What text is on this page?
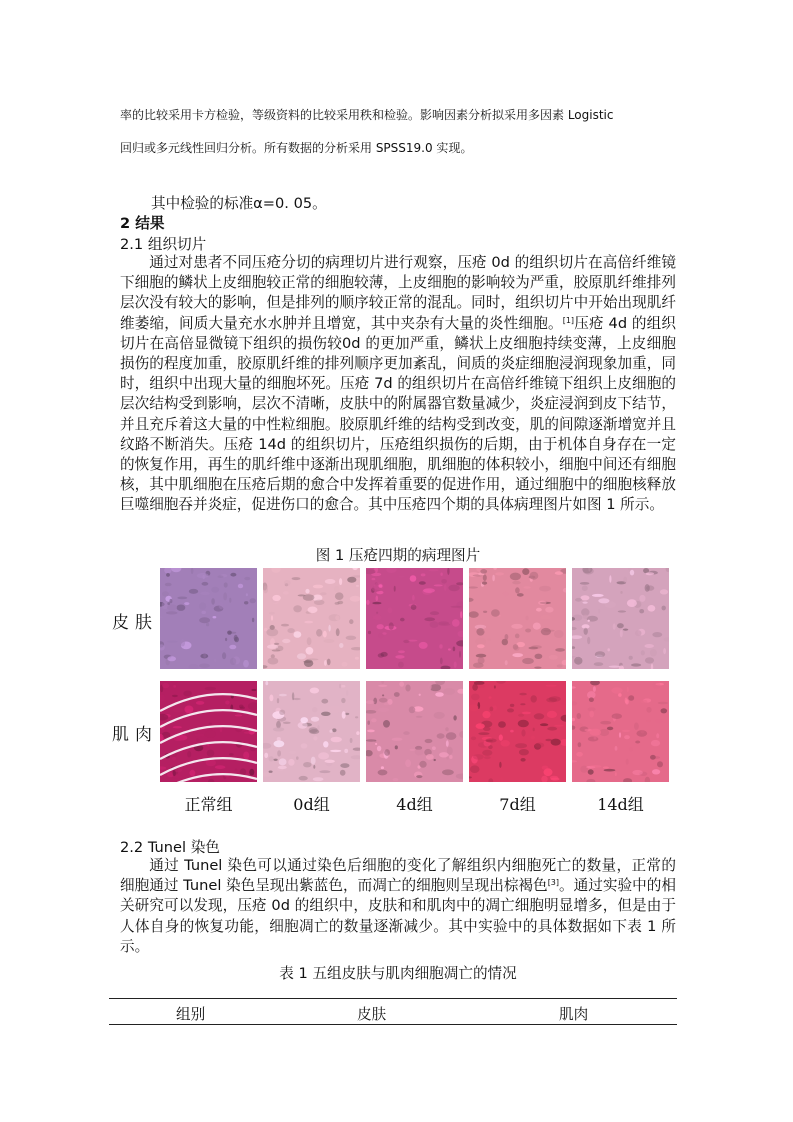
率的比较采用卡方检验，等级资料的比较采用秩和检验。影响因素分析拟采用多因素 Logistic
回归或多元线性回归分析。所有数据的分析采用 SPSS19.0 实现。
其中检验的标准α=0. 05。
2 结果
2.1 组织切片

通过对患者不同压疮分切的病理切片进行观察，压疮 0d 的组织切片在高倍纤维镜下细胞的鳞状上皮细胞较正常的细胞较薄，上皮细胞的影响较为严重，胶原肌纤维排列层次没有较大的影响，但是排列的顺序较正常的混乱。同时，组织切片中开始出现肌纤维萎缩，间质大量充水水肿并且增宽，其中夹杂有大量的炎性细胞。[1]压疮 4d 的组织切片在高倍显微镜下组织的损伤较0d 的更加严重，鳞状上皮细胞持续变薄，上皮细胞损伤的程度加重，胶原肌纤维的排列顺序更加紊乱，间质的炎症细胞浸润现象加重，同时，组织中出现大量的细胞坏死。压疮 7d 的组织切片在高倍纤维镜下组织上皮细胞的层次结构受到影响，层次不清晰，皮肤中的附属器官数量减少，炎症浸润到皮下结节，并且充斥着这大量的中性粒细胞。胶原肌纤维的结构受到改变，肌的间隙逐渐增宽并且纹路不断消失。压疮 14d 的组织切片，压疮组织损伤的后期，由于机体自身存在一定的恢复作用，再生的肌纤维中逐渐出现肌细胞，肌细胞的体积较小，细胞中间还有细胞核，其中肌细胞在压疮后期的愈合中发挥着重要的促进作用，通过细胞中的细胞核释放巨噬细胞吞并炎症，促进伤口的愈合。其中压疮四个期的具体病理图片如图 1 所示。

图 1 压疮四期的病理图片
皮肤
肌肉
正常组	0d组	4d组	7d组	14d组
2.2 Tunel 染色

通过 Tunel 染色可以通过染色后细胞的变化了解组织内细胞死亡的数量，正常的细胞通过 Tunel 染色呈现出紫蓝色，而凋亡的细胞则呈现出棕褐色[3]。通过实验中的相关研究可以发现，压疮 0d 的组织中，皮肤和和肌肉中的凋亡细胞明显增多，但是由于人体自身的恢复功能，细胞凋亡的数量逐渐减少。其中实验中的具体数据如下表 1 所示。

表 1 五组皮肤与肌肉细胞凋亡的情况
组别	皮肤	肌肉
